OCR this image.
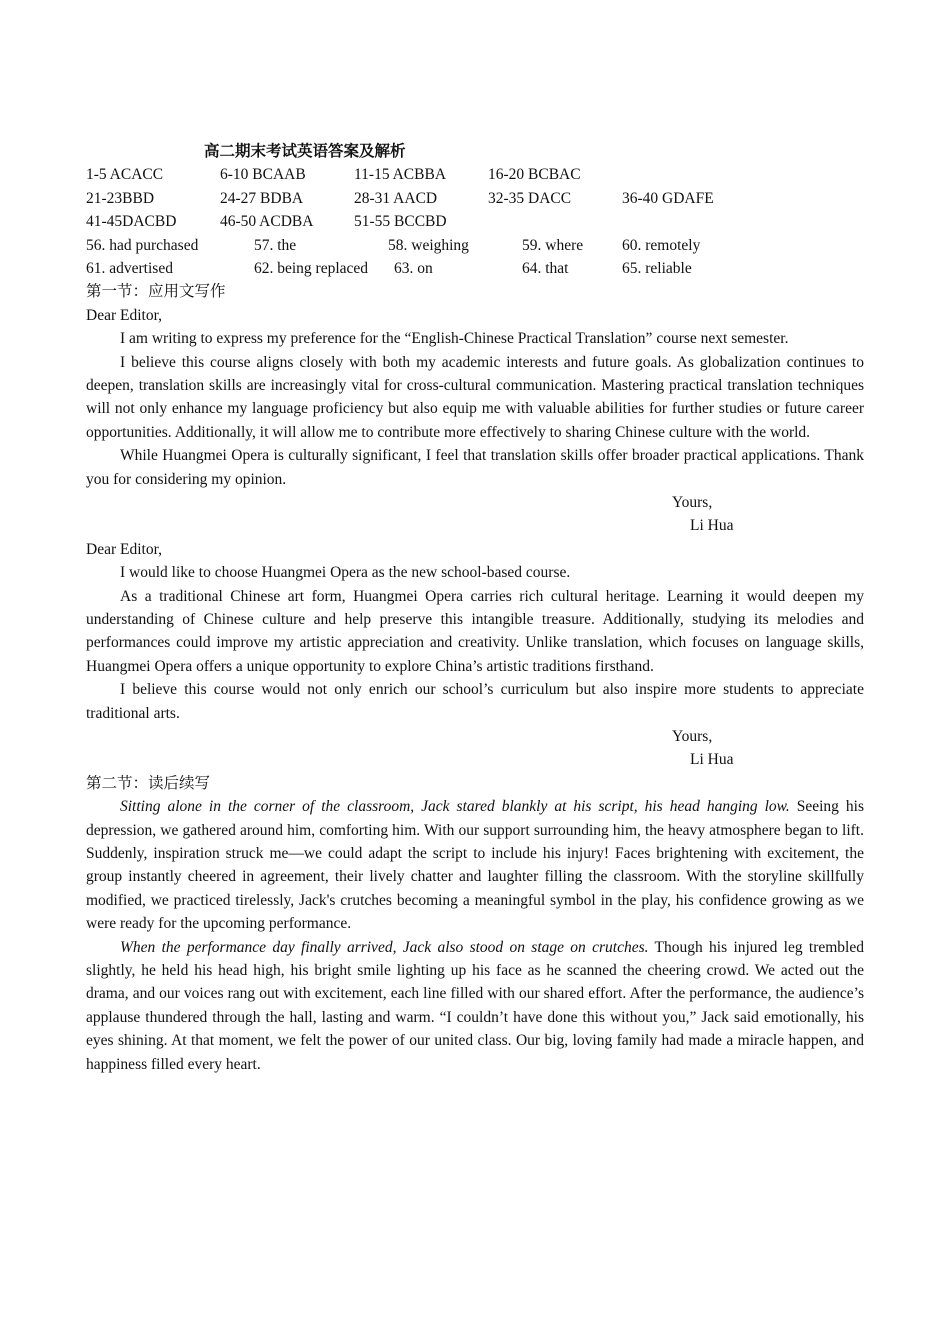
高二期末考试英语答案及解析
1-5 ACACC	6-10 BCAAB	11-15 ACBBA	16-20 BCBAC
21-23BBD	24-27 BDBA	28-31 AACD	32-35 DACC	36-40 GDAFE
41-45DACBD	46-50 ACDBA	51-55 BCCBD
56. had purchased	57. the	58. weighing	59. where	60. remotely
61. advertised	62. being replaced 63. on	64. that	65. reliable
第一节：应用文写作

Dear Editor,

I am writing to express my preference for the “English-Chinese Practical Translation” course next semester.

I believe this course aligns closely with both my academic interests and future goals. As globalization continues to deepen, translation skills are increasingly vital for cross-cultural communication. Mastering practical translation techniques will not only enhance my language proficiency but also equip me with valuable abilities for further studies or future career opportunities. Additionally, it will allow me to contribute more effectively to sharing Chinese culture with the world.

While Huangmei Opera is culturally significant, I feel that translation skills offer broader practical applications. Thank you for considering my opinion.

Yours,
Li Hua

Dear Editor,

I would like to choose Huangmei Opera as the new school-based course.

As a traditional Chinese art form, Huangmei Opera carries rich cultural heritage. Learning it would deepen my understanding of Chinese culture and help preserve this intangible treasure. Additionally, studying its melodies and performances could improve my artistic appreciation and creativity. Unlike translation, which focuses on language skills, Huangmei Opera offers a unique opportunity to explore China’s artistic traditions firsthand.

I believe this course would not only enrich our school’s curriculum but also inspire more students to appreciate traditional arts.

Yours,
Li Hua
第二节：读后续写

Sitting alone in the corner of the classroom, Jack stared blankly at his script, his head hanging low. Seeing his depression, we gathered around him, comforting him. With our support surrounding him, the heavy atmosphere began to lift. Suddenly, inspiration struck me—we could adapt the script to include his injury! Faces brightening with excitement, the group instantly cheered in agreement, their lively chatter and laughter filling the classroom. With the storyline skillfully modified, we practiced tirelessly, Jack's crutches becoming a meaningful symbol in the play, his confidence growing as we were ready for the upcoming performance.

When the performance day finally arrived, Jack also stood on stage on crutches. Though his injured leg trembled slightly, he held his head high, his bright smile lighting up his face as he scanned the cheering crowd. We acted out the drama, and our voices rang out with excitement, each line filled with our shared effort. After the performance, the audience’s applause thundered through the hall, lasting and warm. “I couldn’t have done this without you,” Jack said emotionally, his eyes shining. At that moment, we felt the power of our united class. Our big, loving family had made a miracle happen, and happiness filled every heart.
